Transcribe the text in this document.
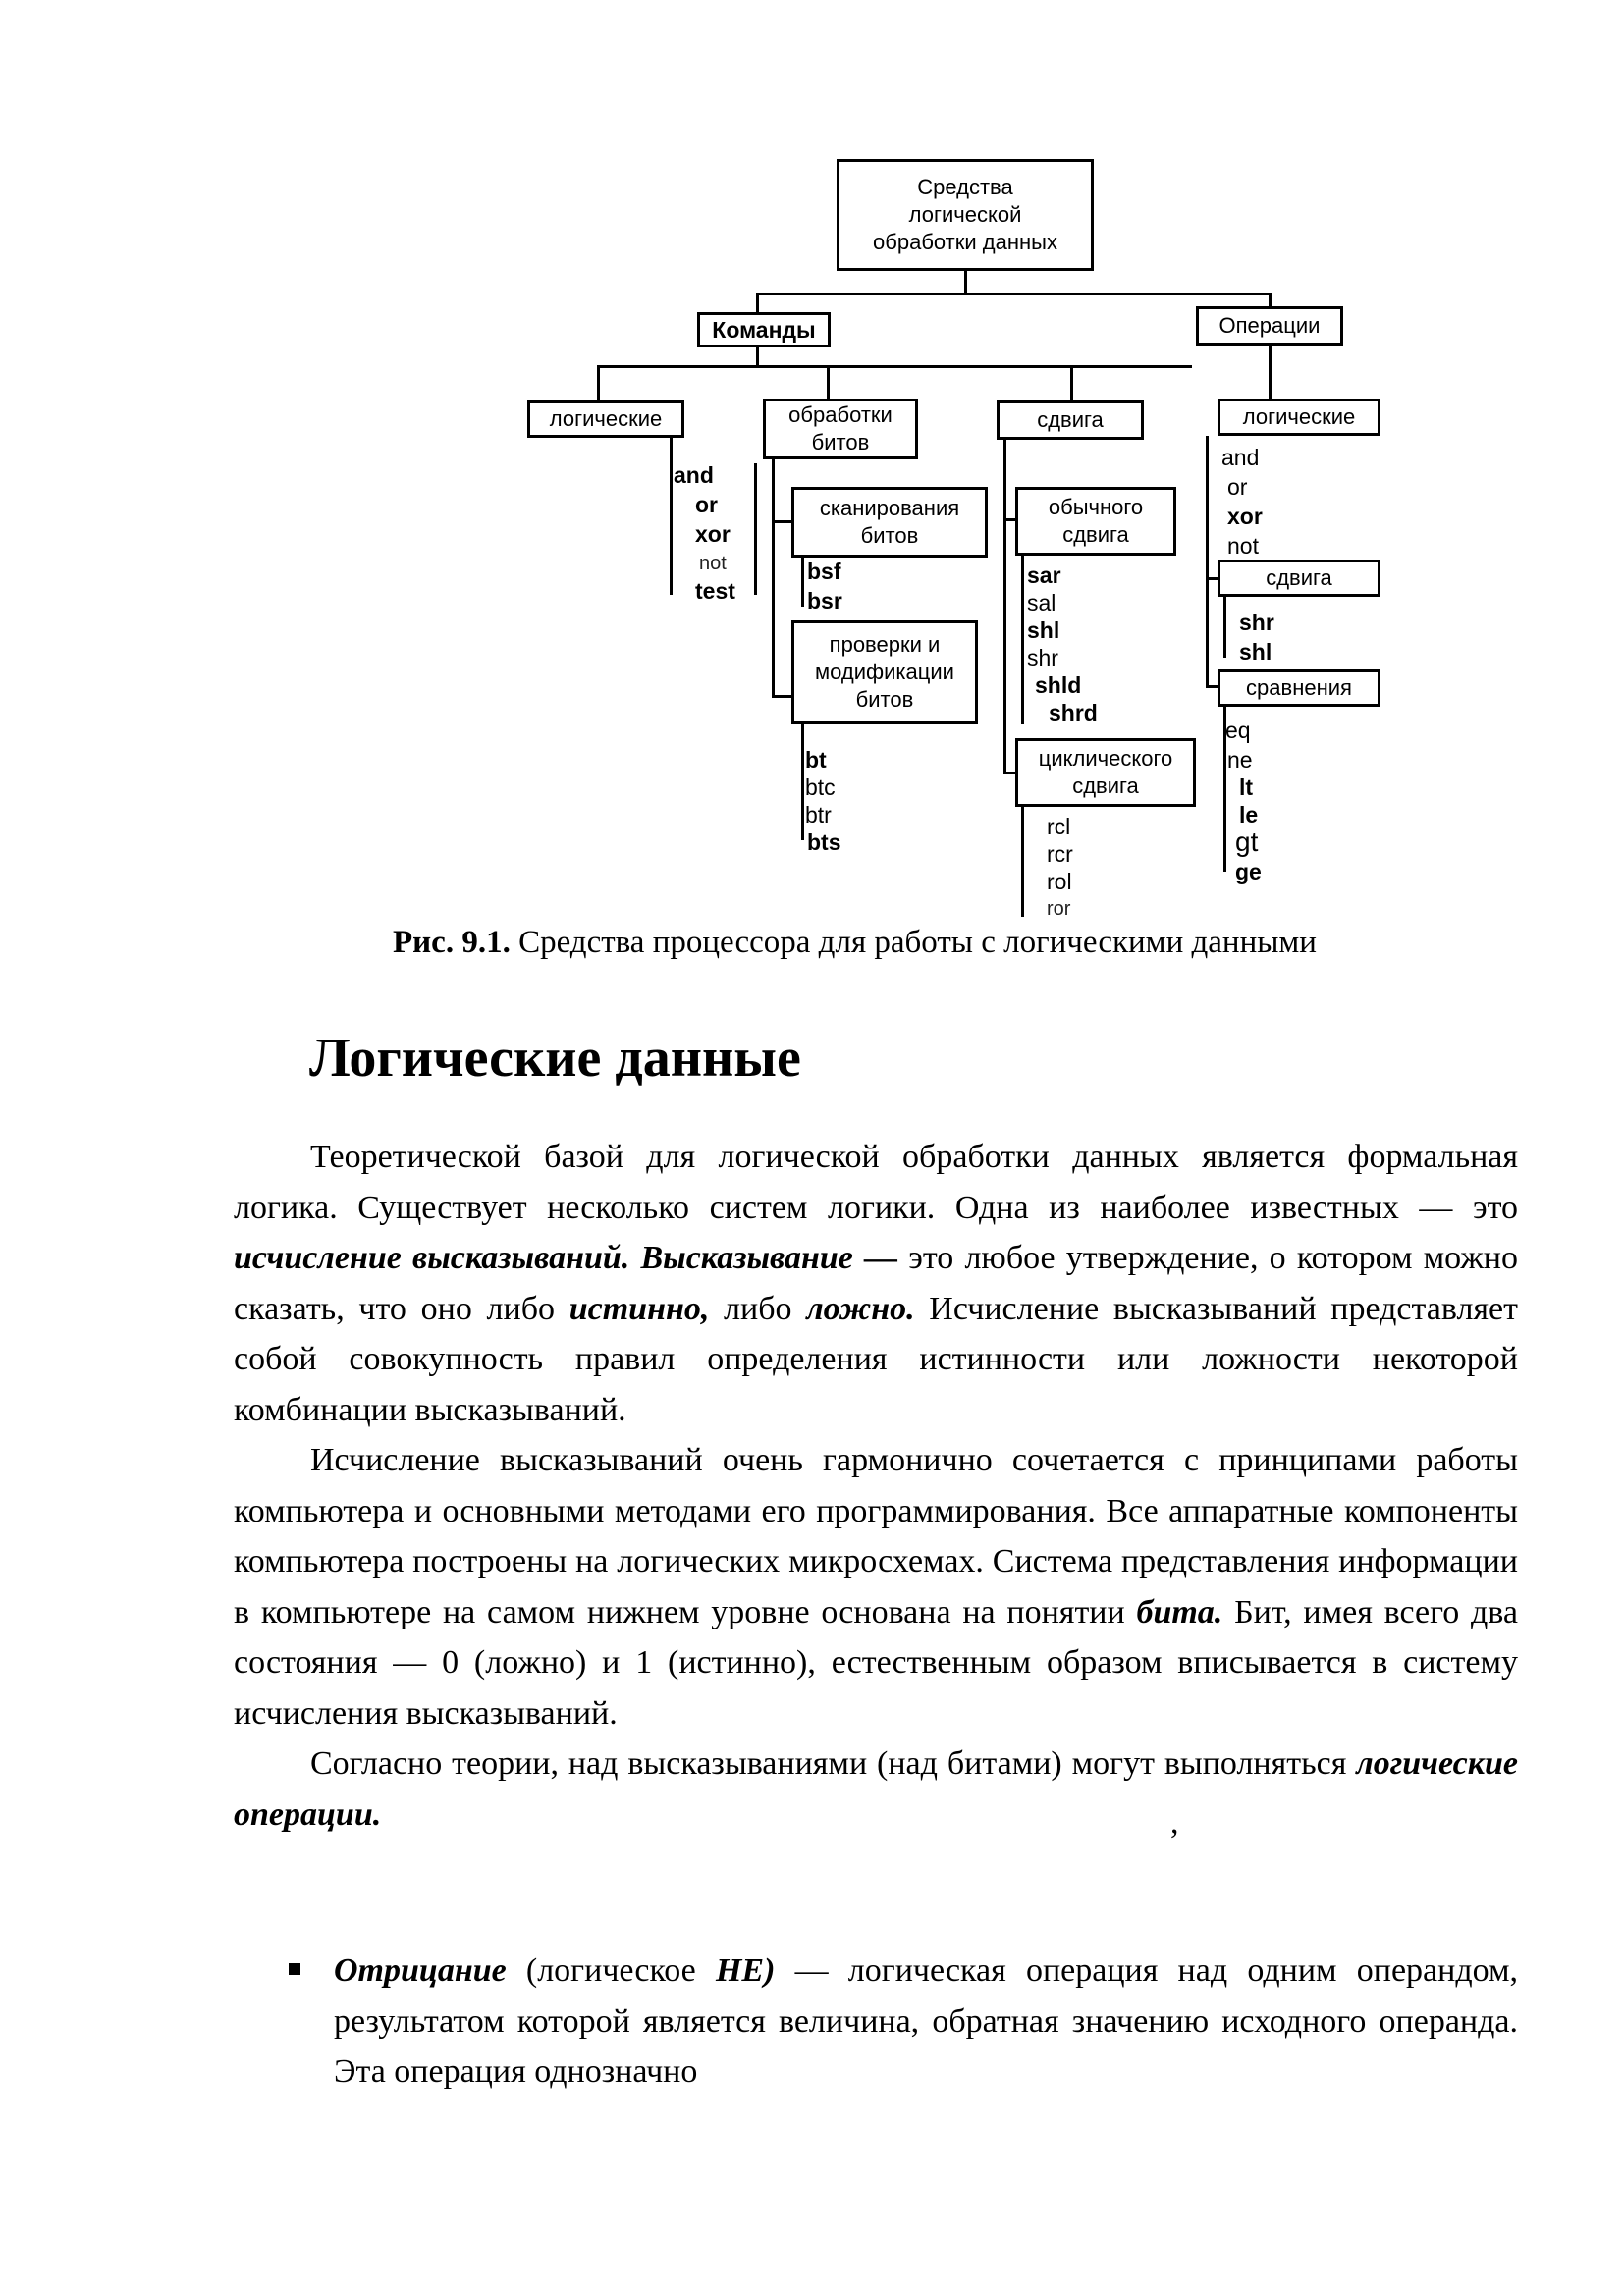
Средства
логической
обработки данных
Команды	Операции
логические	обработки
битов
сдвига
and
or
xor
not
test
сканирования
битов
bsf
bsr
проверки и
модификации
битов
bt
btc
btr
bts
обычного
сдвига
sar
sal
shl
shr
shld
shrd
циклического
сдвига
rcl
rcr
rol
ror
логические
and
or
xor
not
сдвига
shr
shl
сравнения
eq
ne
lt
le
gt
ge
Рис. 9.1. Средства процессора для работы с логическими данными
Логические данные

Теоретической базой для логической обработки данных является формальная логика. Существует несколько систем логики. Одна из наиболее известных — это исчисление высказываний. Высказывание — это любое утверждение, о котором можно сказать, что оно либо истинно, либо ложно. Исчисление высказываний представляет собой совокупность правил определения истинности или ложности некоторой комбинации высказываний.

Исчисление высказываний очень гармонично сочетается с принципами работы компьютера и основными методами его программирования. Все аппаратные компоненты компьютера построены на логических микросхемах. Система представления информации в компьютере на самом нижнем уровне основана на понятии бита. Бит, имея всего два состояния — 0 (ложно) и 1 (истинно), естественным образом вписывается в систему исчисления высказываний.

Согласно теории, над высказываниями (над битами) могут выполняться логические операции.	,
Отрицание (логическое НЕ) — логическая операция над одним операндом, результатом которой является величина, обратная значению исходного операнда. Эта операция однозначно
